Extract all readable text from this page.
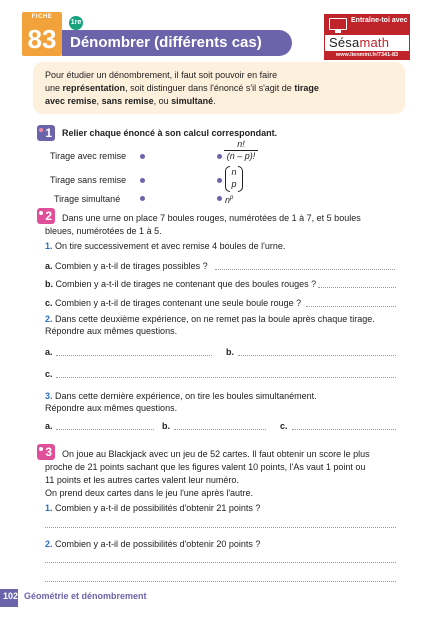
FICHE
83
1re
Dénombrer (différents cas)
Entraîne-toi avec
Sésamath
www.lienmini.fr/7341-83
Pour étudier un dénombrement, il faut soit pouvoir en faire
une représentation, soit distinguer dans l'énoncé s'il s'agit de tirage
avec remise, sans remise, ou simultané.
1	Relier chaque énoncé à son calcul correspondant.
Tirage avec remise
Tirage sans remise
Tirage simultané
n!
(n – p)!
n
p
$n^p$
2	Dans une urne on place 7 boules rouges, numérotées de 1 à 7, et 5 boules
bleues, numérotées de 1 à 5.
1. On tire successivement et avec remise 4 boules de l'urne.
a. Combien y a-t-il de tirages possibles ?
b. Combien y a-t-il de tirages ne contenant que des boules rouges ?
c. Combien y a-t-il de tirages contenant une seule boule rouge ?
2. Dans cette deuxième expérience, on ne remet pas la boule après chaque tirage.
Répondre aux mêmes questions.
a.	b.
c.
3. Dans cette dernière expérience, on tire les boules simultanément.
Répondre aux mêmes questions.
a.	b.	c.
3	On joue au Blackjack avec un jeu de 52 cartes. Il faut obtenir un score le plus
proche de 21 points sachant que les figures valent 10 points, l'As vaut 1 point ou
11 points et les autres cartes valent leur numéro.
On prend deux cartes dans le jeu l'une après l'autre.
1. Combien y a-t-il de possibilités d'obtenir 21 points ?
2. Combien y a-t-il de possibilités d'obtenir 20 points ?
102 Géométrie et dénombrement
